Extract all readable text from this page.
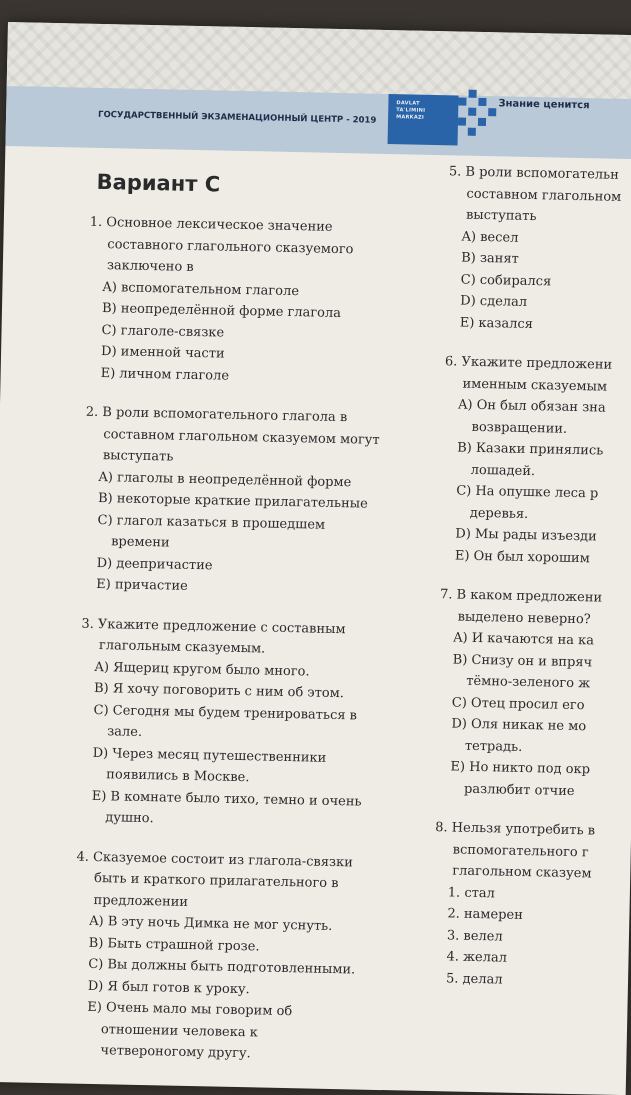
ГОСУДАРСТВЕННЫЙ ЭКЗАМЕНАЦИОННЫЙ ЦЕНТР - 2019
DAVLAT
TA'LIMINI
MARKAZI
Знание ценится
Вариант С
1. Основное лексическое значение
составного глагольного сказуемого
заключено в
A) вспомогательном глаголе
B) неопределённой форме глагола
C) глаголе-связке
D) именной части
E) личном глаголе
2. В роли вспомогательного глагола в
составном глагольном сказуемом могут
выступать
A) глаголы в неопределённой форме
B) некоторые краткие прилагательные
C) глагол казаться в прошедшем
времени
D) деепричастие
E) причастие
3. Укажите предложение с составным
глагольным сказуемым.
A) Ящериц кругом было много.
B) Я хочу поговорить с ним об этом.
C) Сегодня мы будем тренироваться в
зале.
D) Через месяц путешественники
появились в Москве.
E) В комнате было тихо, темно и очень
душно.
4. Сказуемое состоит из глагола-связки
быть и краткого прилагательного в
предложении
A) В эту ночь Димка не мог уснуть.
B) Быть страшной грозе.
C) Вы должны быть подготовленными.
D) Я был готов к уроку.
E) Очень мало мы говорим об
отношении человека к
четвероногому другу.
5. В роли вспомогательн
составном глагольном
выступать
A) весел
B) занят
C) собирался
D) сделал
E) казался
6. Укажите предложени
именным сказуемым
A) Он был обязан зна
возвращении.
B) Казаки принялись
лошадей.
C) На опушке леса р
деревья.
D) Мы рады изъезди
E) Он был хорошим
7. В каком предложени
выделено неверно?
A) И качаются на ка
B) Снизу он и впряч
тёмно-зеленого ж
C) Отец просил его
D) Оля никак не мо
тетрадь.
E) Но никто под окр
разлюбит отчие
8. Нельзя употребить в
вспомогательного г
глагольном сказуем
1. стал
2. намерен
3. велел
4. желал
5. делал
